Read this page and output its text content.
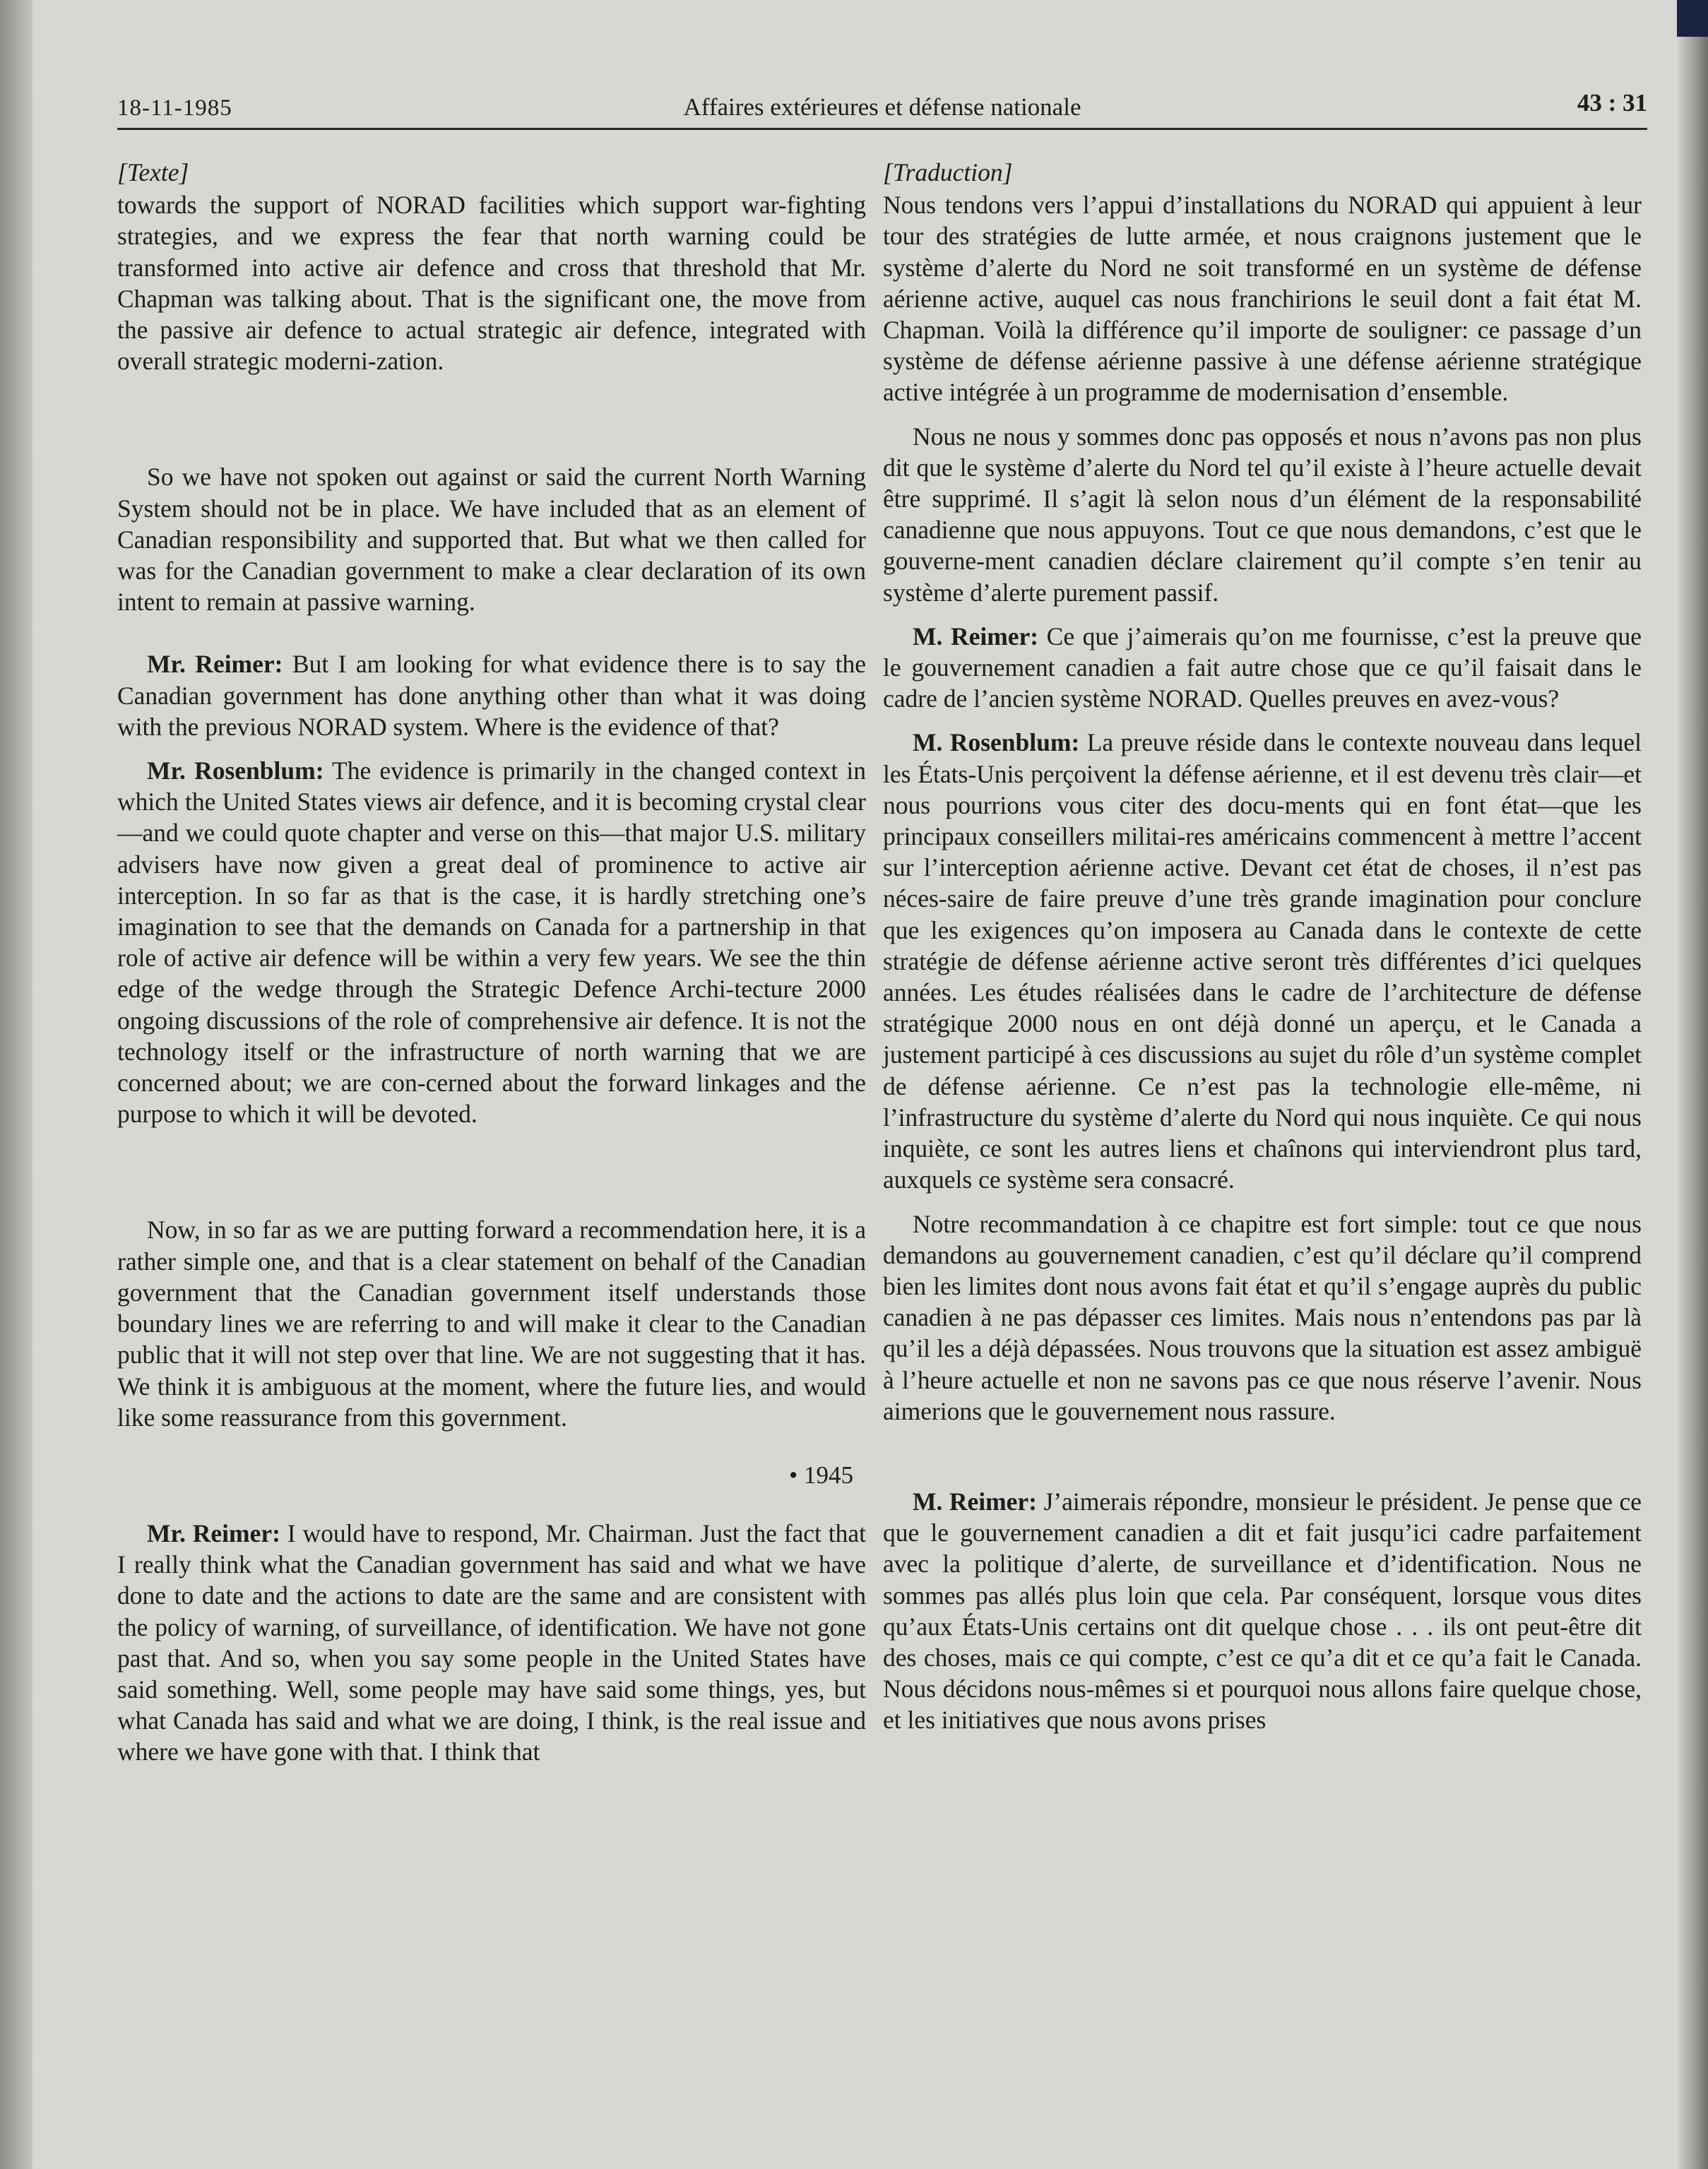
18-11-1985	Affaires extérieures et défense nationale	43 : 31
[Texte]

towards the support of NORAD facilities which support war-fighting strategies, and we express the fear that north warning could be transformed into active air defence and cross that threshold that Mr. Chapman was talking about. That is the significant one, the move from the passive air defence to actual strategic air defence, integrated with overall strategic moderni-zation.

So we have not spoken out against or said the current North Warning System should not be in place. We have included that as an element of Canadian responsibility and supported that. But what we then called for was for the Canadian government to make a clear declaration of its own intent to remain at passive warning.

Mr. Reimer: But I am looking for what evidence there is to say the Canadian government has done anything other than what it was doing with the previous NORAD system. Where is the evidence of that?

Mr. Rosenblum: The evidence is primarily in the changed context in which the United States views air defence, and it is becoming crystal clear—and we could quote chapter and verse on this—that major U.S. military advisers have now given a great deal of prominence to active air interception. In so far as that is the case, it is hardly stretching one’s imagination to see that the demands on Canada for a partnership in that role of active air defence will be within a very few years. We see the thin edge of the wedge through the Strategic Defence Archi-tecture 2000 ongoing discussions of the role of comprehensive air defence. It is not the technology itself or the infrastructure of north warning that we are concerned about; we are con-cerned about the forward linkages and the purpose to which it will be devoted.

Now, in so far as we are putting forward a recommendation here, it is a rather simple one, and that is a clear statement on behalf of the Canadian government that the Canadian government itself understands those boundary lines we are referring to and will make it clear to the Canadian public that it will not step over that line. We are not suggesting that it has. We think it is ambiguous at the moment, where the future lies, and would like some reassurance from this government.

• 1945

Mr. Reimer: I would have to respond, Mr. Chairman. Just the fact that I really think what the Canadian government has said and what we have done to date and the actions to date are the same and are consistent with the policy of warning, of surveillance, of identification. We have not gone past that. And so, when you say some people in the United States have said something. Well, some people may have said some things, yes, but what Canada has said and what we are doing, I think, is the real issue and where we have gone with that. I think that

[Traduction]

Nous tendons vers l’appui d’installations du NORAD qui appuient à leur tour des stratégies de lutte armée, et nous craignons justement que le système d’alerte du Nord ne soit transformé en un système de défense aérienne active, auquel cas nous franchirions le seuil dont a fait état M. Chapman. Voilà la différence qu’il importe de souligner: ce passage d’un système de défense aérienne passive à une défense aérienne stratégique active intégrée à un programme de modernisation d’ensemble.

Nous ne nous y sommes donc pas opposés et nous n’avons pas non plus dit que le système d’alerte du Nord tel qu’il existe à l’heure actuelle devait être supprimé. Il s’agit là selon nous d’un élément de la responsabilité canadienne que nous appuyons. Tout ce que nous demandons, c’est que le gouverne-ment canadien déclare clairement qu’il compte s’en tenir au système d’alerte purement passif.

M. Reimer: Ce que j’aimerais qu’on me fournisse, c’est la preuve que le gouvernement canadien a fait autre chose que ce qu’il faisait dans le cadre de l’ancien système NORAD. Quelles preuves en avez-vous?

M. Rosenblum: La preuve réside dans le contexte nouveau dans lequel les États-Unis perçoivent la défense aérienne, et il est devenu très clair—et nous pourrions vous citer des docu-ments qui en font état—que les principaux conseillers militai-res américains commencent à mettre l’accent sur l’interception aérienne active. Devant cet état de choses, il n’est pas néces-saire de faire preuve d’une très grande imagination pour conclure que les exigences qu’on imposera au Canada dans le contexte de cette stratégie de défense aérienne active seront très différentes d’ici quelques années. Les études réalisées dans le cadre de l’architecture de défense stratégique 2000 nous en ont déjà donné un aperçu, et le Canada a justement participé à ces discussions au sujet du rôle d’un système complet de défense aérienne. Ce n’est pas la technologie elle-même, ni l’infrastructure du système d’alerte du Nord qui nous inquiète. Ce qui nous inquiète, ce sont les autres liens et chaînons qui interviendront plus tard, auxquels ce système sera consacré.

Notre recommandation à ce chapitre est fort simple: tout ce que nous demandons au gouvernement canadien, c’est qu’il déclare qu’il comprend bien les limites dont nous avons fait état et qu’il s’engage auprès du public canadien à ne pas dépasser ces limites. Mais nous n’entendons pas par là qu’il les a déjà dépassées. Nous trouvons que la situation est assez ambiguë à l’heure actuelle et non ne savons pas ce que nous réserve l’avenir. Nous aimerions que le gouvernement nous rassure.

M. Reimer: J’aimerais répondre, monsieur le président. Je pense que ce que le gouvernement canadien a dit et fait jusqu’ici cadre parfaitement avec la politique d’alerte, de surveillance et d’identification. Nous ne sommes pas allés plus loin que cela. Par conséquent, lorsque vous dites qu’aux États-Unis certains ont dit quelque chose . . . ils ont peut-être dit des choses, mais ce qui compte, c’est ce qu’a dit et ce qu’a fait le Canada. Nous décidons nous-mêmes si et pourquoi nous allons faire quelque chose, et les initiatives que nous avons prises
